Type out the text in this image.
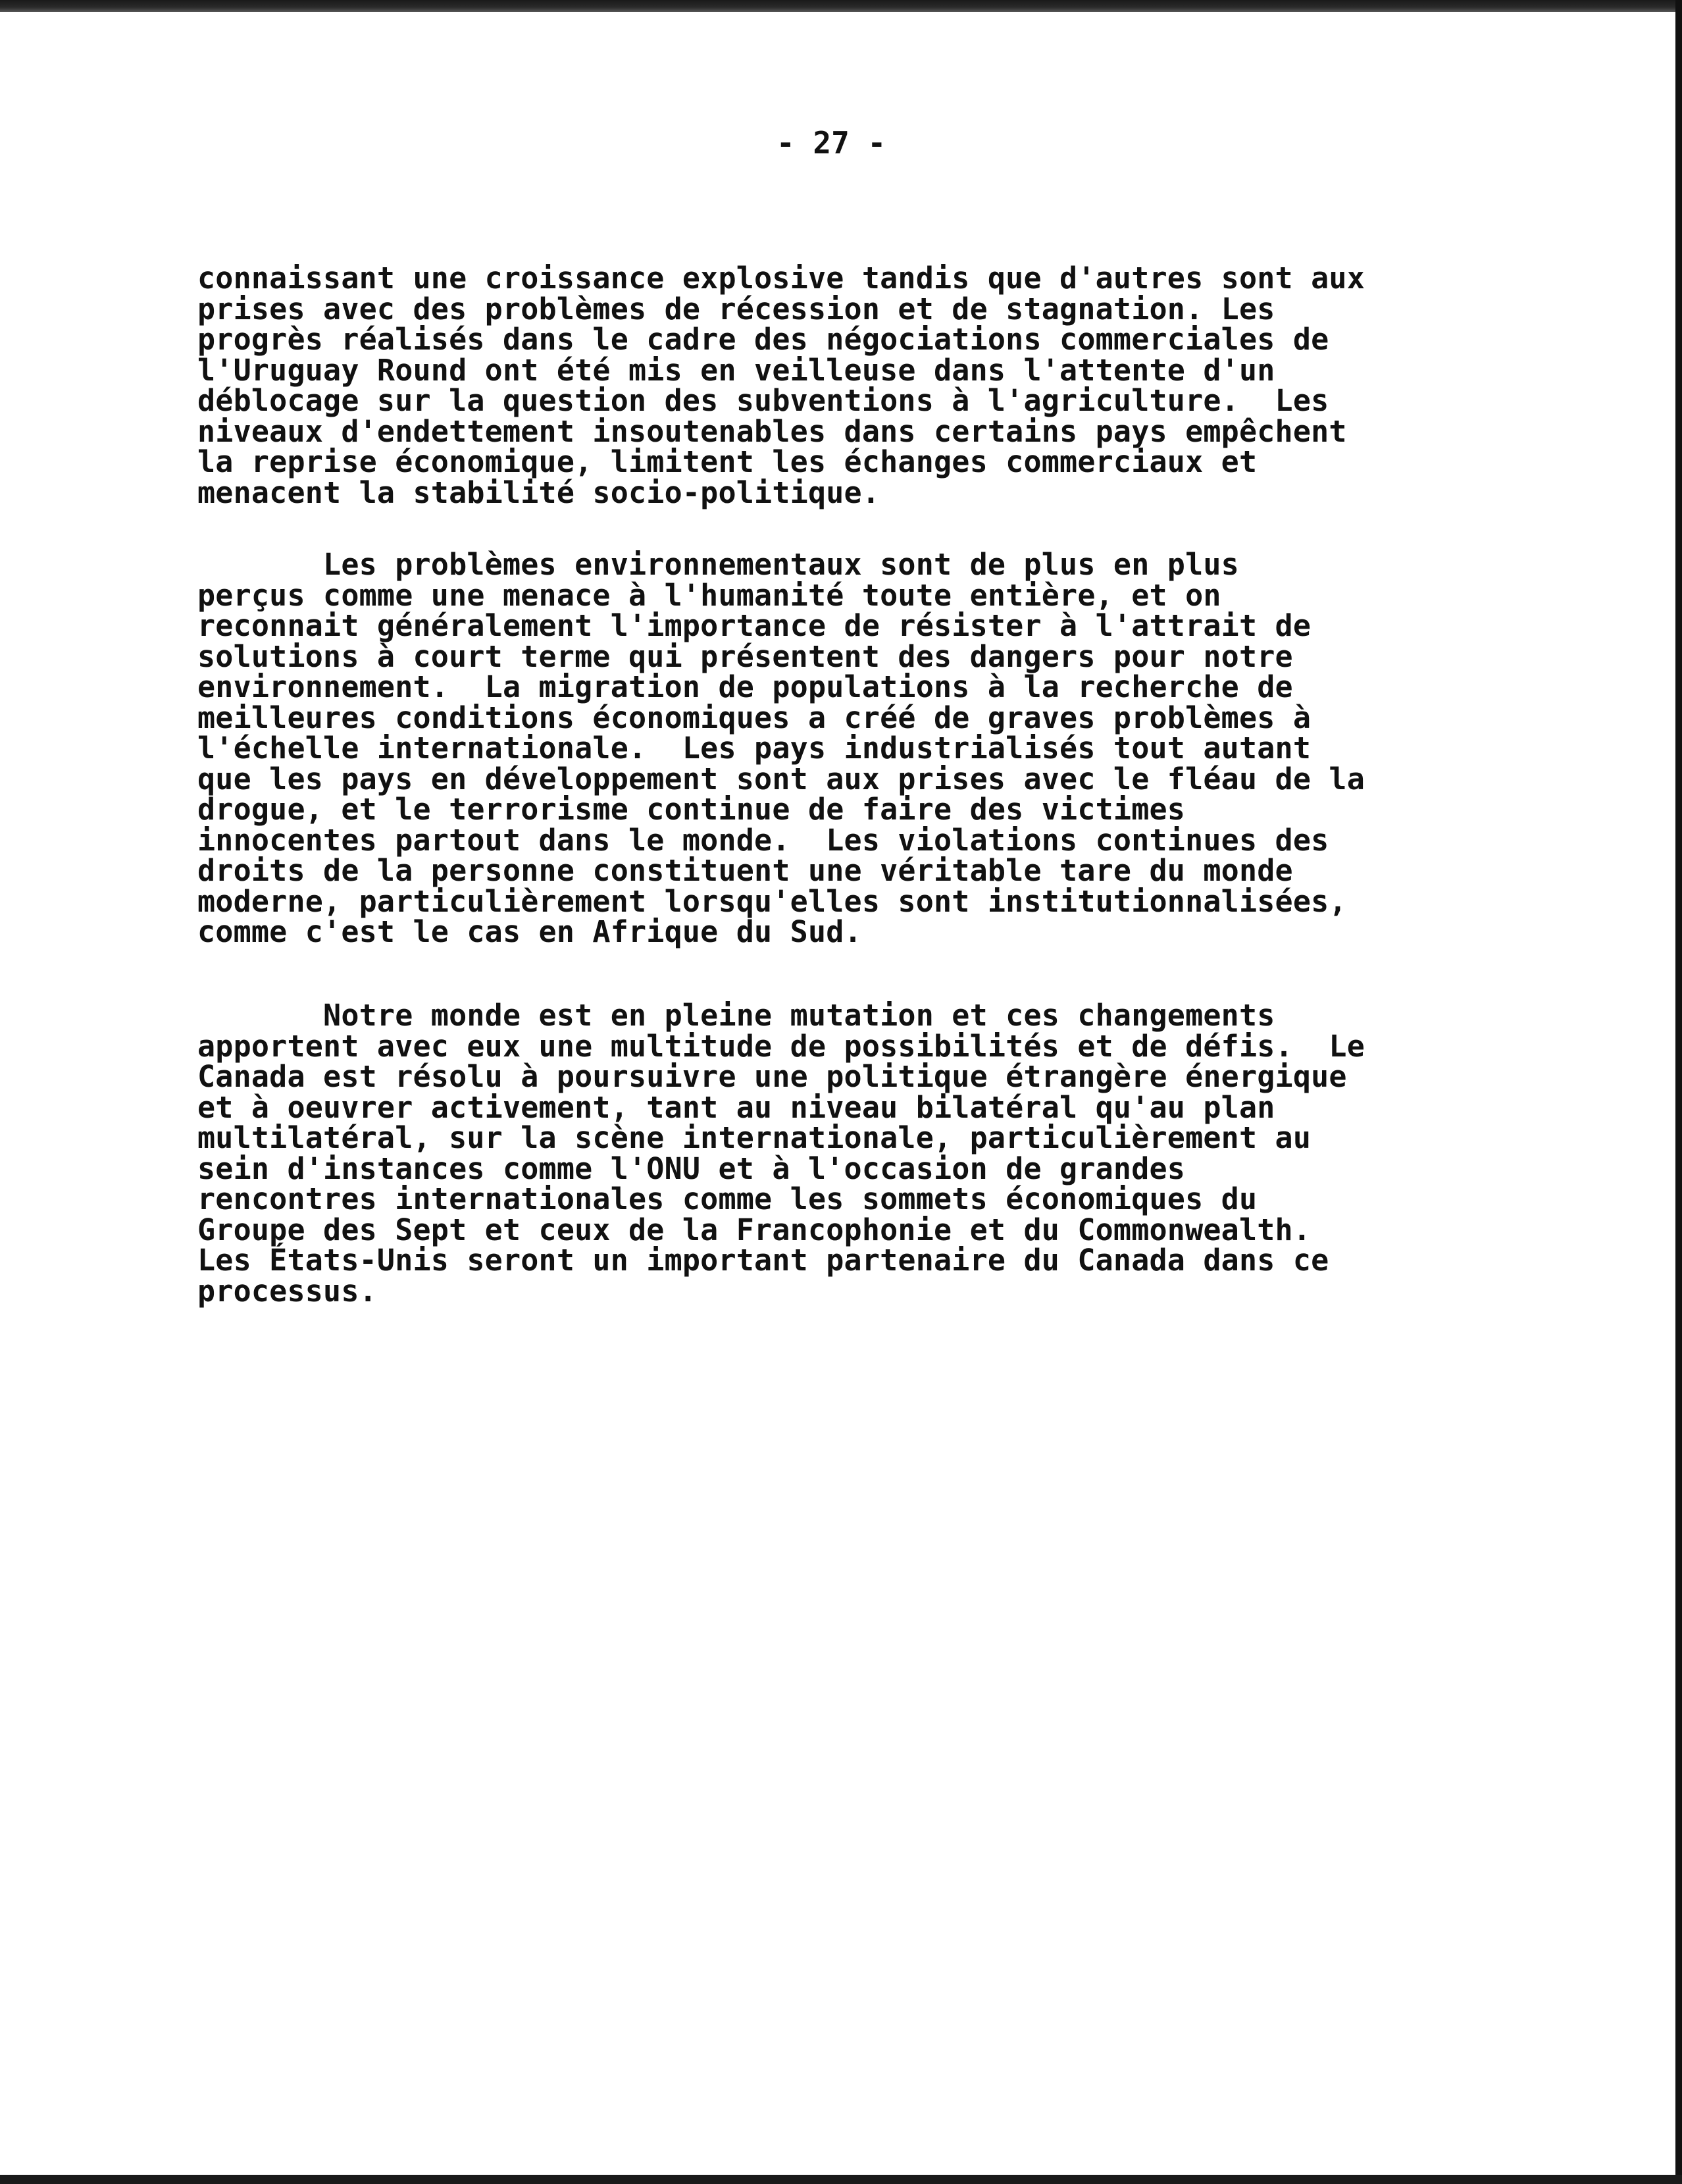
- 27 -
connaissant une croissance explosive tandis que d'autres sont aux
prises avec des problèmes de récession et de stagnation. Les
progrès réalisés dans le cadre des négociations commerciales de
l'Uruguay Round ont été mis en veilleuse dans l'attente d'un
déblocage sur la question des subventions à l'agriculture.  Les
niveaux d'endettement insoutenables dans certains pays empêchent
la reprise économique, limitent les échanges commerciaux et
menacent la stabilité socio-politique.
Les problèmes environnementaux sont de plus en plus
perçus comme une menace à l'humanité toute entière, et on
reconnait généralement l'importance de résister à l'attrait de
solutions à court terme qui présentent des dangers pour notre
environnement.  La migration de populations à la recherche de
meilleures conditions économiques a créé de graves problèmes à
l'échelle internationale.  Les pays industrialisés tout autant
que les pays en développement sont aux prises avec le fléau de la
drogue, et le terrorisme continue de faire des victimes
innocentes partout dans le monde.  Les violations continues des
droits de la personne constituent une véritable tare du monde
moderne, particulièrement lorsqu'elles sont institutionnalisées,
comme c'est le cas en Afrique du Sud.
Notre monde est en pleine mutation et ces changements
apportent avec eux une multitude de possibilités et de défis.  Le
Canada est résolu à poursuivre une politique étrangère énergique
et à oeuvrer activement, tant au niveau bilatéral qu'au plan
multilatéral, sur la scène internationale, particulièrement au
sein d'instances comme l'ONU et à l'occasion de grandes
rencontres internationales comme les sommets économiques du
Groupe des Sept et ceux de la Francophonie et du Commonwealth.
Les États-Unis seront un important partenaire du Canada dans ce
processus.
